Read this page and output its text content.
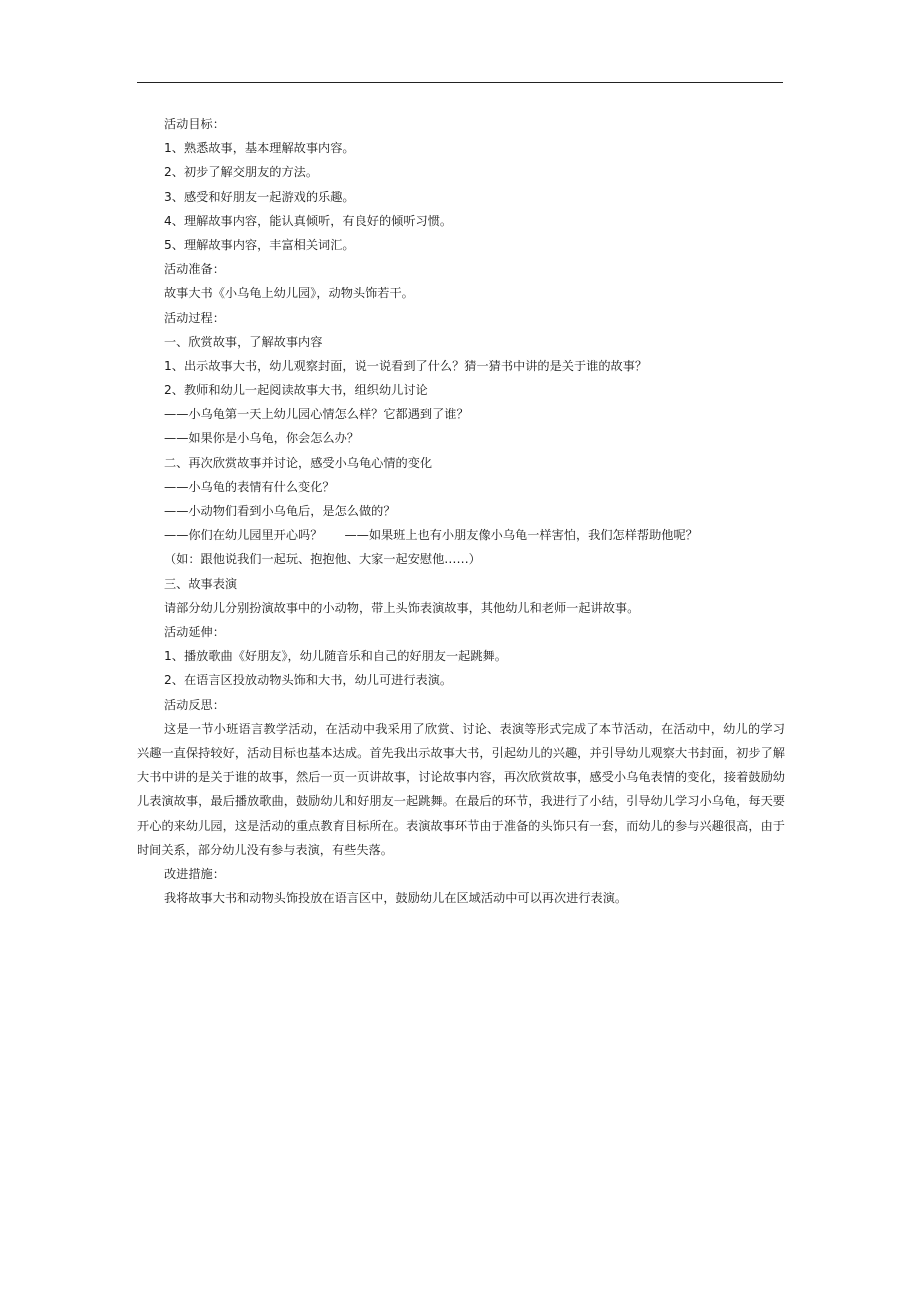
活动目标：

1、熟悉故事，基本理解故事内容。

2、初步了解交朋友的方法。

3、感受和好朋友一起游戏的乐趣。

4、理解故事内容，能认真倾听，有良好的倾听习惯。

5、理解故事内容，丰富相关词汇。

活动准备：

故事大书《小乌龟上幼儿园》，动物头饰若干。

活动过程：

一、欣赏故事，了解故事内容

1、出示故事大书，幼儿观察封面，说一说看到了什么？猜一猜书中讲的是关于谁的故事？

2、教师和幼儿一起阅读故事大书，组织幼儿讨论

——小乌龟第一天上幼儿园心情怎么样？它都遇到了谁？

——如果你是小乌龟，你会怎么办？

二、再次欣赏故事并讨论，感受小乌龟心情的变化

——小乌龟的表情有什么变化？

——小动物们看到小乌龟后，是怎么做的？

——你们在幼儿园里开心吗？ ——如果班上也有小朋友像小乌龟一样害怕，我们怎样帮助他呢？

（如：跟他说我们一起玩、抱抱他、大家一起安慰他……）

三、故事表演

请部分幼儿分别扮演故事中的小动物，带上头饰表演故事，其他幼儿和老师一起讲故事。

活动延伸：

1、播放歌曲《好朋友》，幼儿随音乐和自己的好朋友一起跳舞。

2、在语言区投放动物头饰和大书，幼儿可进行表演。

活动反思：

这是一节小班语言教学活动，在活动中我采用了欣赏、讨论、表演等形式完成了本节活动，在活动中，幼儿的学习兴趣一直保持较好，活动目标也基本达成。首先我出示故事大书，引起幼儿的兴趣，并引导幼儿观察大书封面，初步了解大书中讲的是关于谁的故事，然后一页一页讲故事，讨论故事内容，再次欣赏故事，感受小乌龟表情的变化，接着鼓励幼儿表演故事，最后播放歌曲，鼓励幼儿和好朋友一起跳舞。在最后的环节，我进行了小结，引导幼儿学习小乌龟，每天要开心的来幼儿园，这是活动的重点教育目标所在。表演故事环节由于准备的头饰只有一套，而幼儿的参与兴趣很高，由于时间关系，部分幼儿没有参与表演，有些失落。

改进措施：

我将故事大书和动物头饰投放在语言区中，鼓励幼儿在区域活动中可以再次进行表演。
